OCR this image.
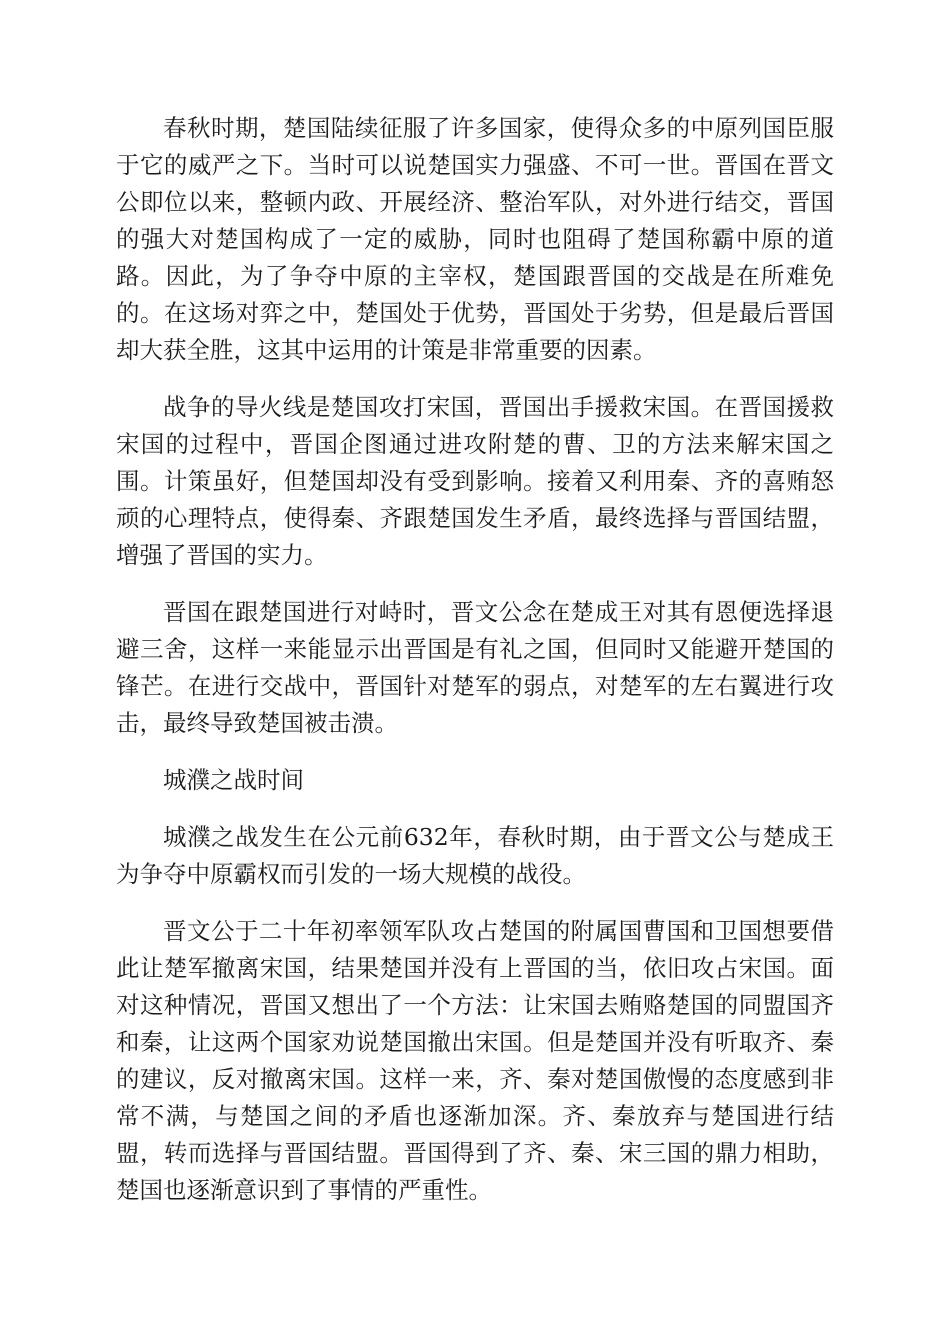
春秋时期，楚国陆续征服了许多国家，使得众多的中原列国臣服于它的威严之下。当时可以说楚国实力强盛、不可一世。晋国在晋文公即位以来，整顿内政、开展经济、整治军队，对外进行结交，晋国的强大对楚国构成了一定的威胁，同时也阻碍了楚国称霸中原的道路。因此，为了争夺中原的主宰权，楚国跟晋国的交战是在所难免的。在这场对弈之中，楚国处于优势，晋国处于劣势，但是最后晋国却大获全胜，这其中运用的计策是非常重要的因素。

战争的导火线是楚国攻打宋国，晋国出手援救宋国。在晋国援救宋国的过程中，晋国企图通过进攻附楚的曹、卫的方法来解宋国之围。计策虽好，但楚国却没有受到影响。接着又利用秦、齐的喜贿怒顽的心理特点，使得秦、齐跟楚国发生矛盾，最终选择与晋国结盟，增强了晋国的实力。

晋国在跟楚国进行对峙时，晋文公念在楚成王对其有恩便选择退避三舍，这样一来能显示出晋国是有礼之国，但同时又能避开楚国的锋芒。在进行交战中，晋国针对楚军的弱点，对楚军的左右翼进行攻击，最终导致楚国被击溃。

城濮之战时间

城濮之战发生在公元前632年，春秋时期，由于晋文公与楚成王为争夺中原霸权而引发的一场大规模的战役。

晋文公于二十年初率领军队攻占楚国的附属国曹国和卫国想要借此让楚军撤离宋国，结果楚国并没有上晋国的当，依旧攻占宋国。面对这种情况，晋国又想出了一个方法：让宋国去贿赂楚国的同盟国齐和秦，让这两个国家劝说楚国撤出宋国。但是楚国并没有听取齐、秦的建议，反对撤离宋国。这样一来，齐、秦对楚国傲慢的态度感到非常不满，与楚国之间的矛盾也逐渐加深。齐、秦放弃与楚国进行结盟，转而选择与晋国结盟。晋国得到了齐、秦、宋三国的鼎力相助，楚国也逐渐意识到了事情的严重性。
